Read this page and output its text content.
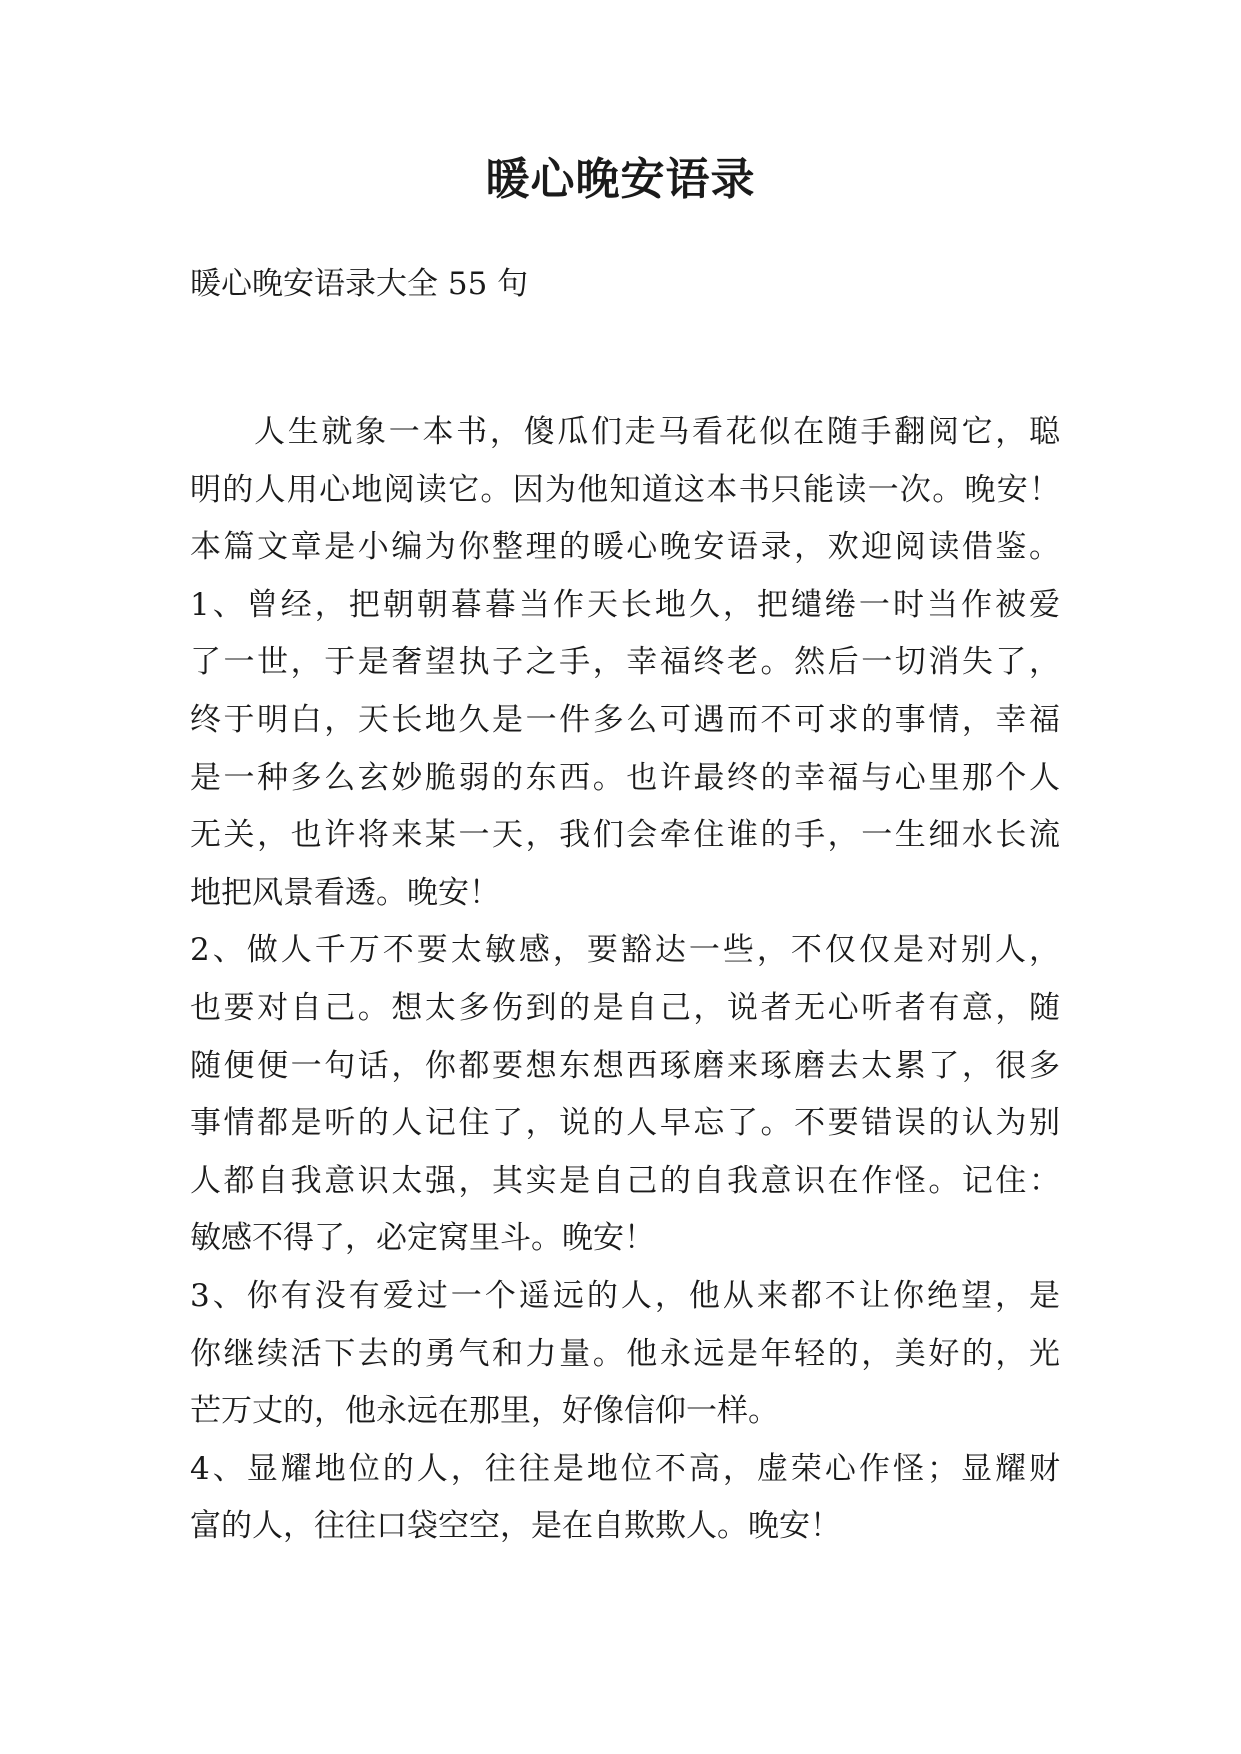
暖心晚安语录
暖心晚安语录大全 55 句
人生就象一本书，傻瓜们走马看花似在随手翻阅它，聪
明的人用心地阅读它。因为他知道这本书只能读一次。晚安！
本篇文章是小编为你整理的暖心晚安语录，欢迎阅读借鉴。
1、曾经，把朝朝暮暮当作天长地久，把缱绻一时当作被爱
了一世，于是奢望执子之手，幸福终老。然后一切消失了，
终于明白，天长地久是一件多么可遇而不可求的事情，幸福
是一种多么玄妙脆弱的东西。也许最终的幸福与心里那个人
无关，也许将来某一天，我们会牵住谁的手，一生细水长流
地把风景看透。晚安！
2、做人千万不要太敏感，要豁达一些，不仅仅是对别人，
也要对自己。想太多伤到的是自己，说者无心听者有意，随
随便便一句话，你都要想东想西琢磨来琢磨去太累了，很多
事情都是听的人记住了，说的人早忘了。不要错误的认为别
人都自我意识太强，其实是自己的自我意识在作怪。记住：
敏感不得了，必定窝里斗。晚安！
3、你有没有爱过一个遥远的人，他从来都不让你绝望，是
你继续活下去的勇气和力量。他永远是年轻的，美好的，光
芒万丈的，他永远在那里，好像信仰一样。
4、显耀地位的人，往往是地位不高，虚荣心作怪；显耀财
富的人，往往口袋空空，是在自欺欺人。晚安！
